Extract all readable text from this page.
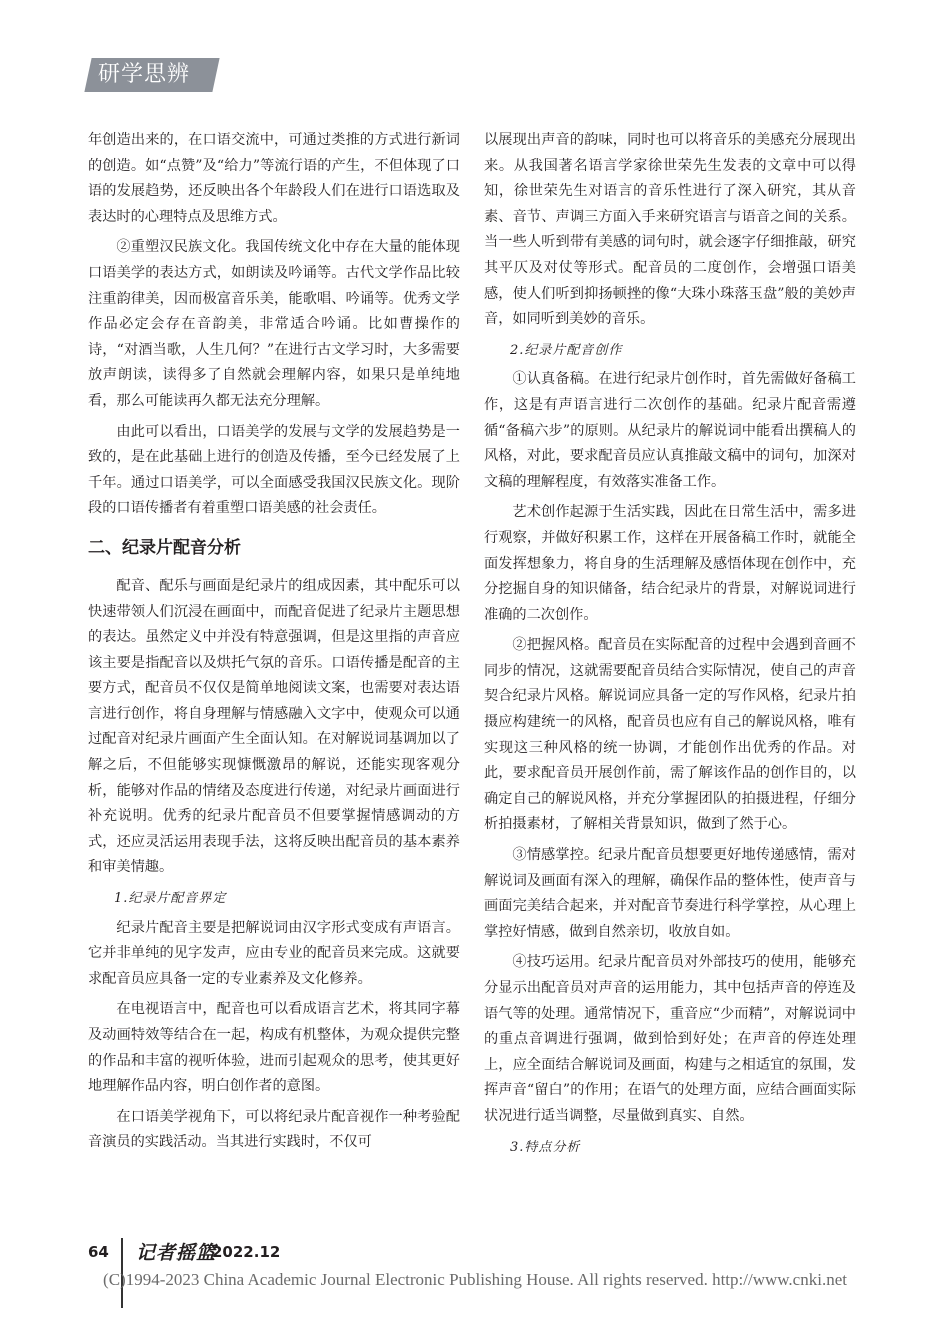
研学思辨

年创造出来的，在口语交流中，可通过类推的方式进行新词的创造。如“点赞”及“给力”等流行语的产生，不但体现了口语的发展趋势，还反映出各个年龄段人们在进行口语选取及表达时的心理特点及思维方式。

②重塑汉民族文化。我国传统文化中存在大量的能体现口语美学的表达方式，如朗读及吟诵等。古代文学作品比较注重韵律美，因而极富音乐美，能歌唱、吟诵等。优秀文学作品必定会存在音韵美，非常适合吟诵。比如曹操作的诗，“对酒当歌，人生几何？”在进行古文学习时，大多需要放声朗读，读得多了自然就会理解内容，如果只是单纯地看，那么可能读再久都无法充分理解。

由此可以看出，口语美学的发展与文学的发展趋势是一致的，是在此基础上进行的创造及传播，至今已经发展了上千年。通过口语美学，可以全面感受我国汉民族文化。现阶段的口语传播者有着重塑口语美感的社会责任。

二、纪录片配音分析

配音、配乐与画面是纪录片的组成因素，其中配乐可以快速带领人们沉浸在画面中，而配音促进了纪录片主题思想的表达。虽然定义中并没有特意强调，但是这里指的声音应该主要是指配音以及烘托气氛的音乐。口语传播是配音的主要方式，配音员不仅仅是简单地阅读文案，也需要对表达语言进行创作，将自身理解与情感融入文字中，使观众可以通过配音对纪录片画面产生全面认知。在对解说词基调加以了解之后，不但能够实现慷慨激昂的解说，还能实现客观分析，能够对作品的情绪及态度进行传递，对纪录片画面进行补充说明。优秀的纪录片配音员不但要掌握情感调动的方式，还应灵活运用表现手法，这将反映出配音员的基本素养和审美情趣。

1.纪录片配音界定

纪录片配音主要是把解说词由汉字形式变成有声语言。它并非单纯的见字发声，应由专业的配音员来完成。这就要求配音员应具备一定的专业素养及文化修养。

在电视语言中，配音也可以看成语言艺术，将其同字幕及动画特效等结合在一起，构成有机整体，为观众提供完整的作品和丰富的视听体验，进而引起观众的思考，使其更好地理解作品内容，明白创作者的意图。

在口语美学视角下，可以将纪录片配音视作一种考验配音演员的实践活动。当其进行实践时，不仅可

以展现出声音的韵味，同时也可以将音乐的美感充分展现出来。从我国著名语言学家徐世荣先生发表的文章中可以得知，徐世荣先生对语言的音乐性进行了深入研究，其从音素、音节、声调三方面入手来研究语言与语音之间的关系。当一些人听到带有美感的词句时，就会逐字仔细推敲，研究其平仄及对仗等形式。配音员的二度创作，会增强口语美感，使人们听到抑扬顿挫的像“大珠小珠落玉盘”般的美妙声音，如同听到美妙的音乐。

2.纪录片配音创作

①认真备稿。在进行纪录片创作时，首先需做好备稿工作，这是有声语言进行二次创作的基础。纪录片配音需遵循“备稿六步”的原则。从纪录片的解说词中能看出撰稿人的风格，对此，要求配音员应认真推敲文稿中的词句，加深对文稿的理解程度，有效落实准备工作。

艺术创作起源于生活实践，因此在日常生活中，需多进行观察，并做好积累工作，这样在开展备稿工作时，就能全面发挥想象力，将自身的生活理解及感悟体现在创作中，充分挖掘自身的知识储备，结合纪录片的背景，对解说词进行准确的二次创作。

②把握风格。配音员在实际配音的过程中会遇到音画不同步的情况，这就需要配音员结合实际情况，使自己的声音契合纪录片风格。解说词应具备一定的写作风格，纪录片拍摄应构建统一的风格，配音员也应有自己的解说风格，唯有实现这三种风格的统一协调，才能创作出优秀的作品。对此，要求配音员开展创作前，需了解该作品的创作目的，以确定自己的解说风格，并充分掌握团队的拍摄进程，仔细分析拍摄素材，了解相关背景知识，做到了然于心。

③情感掌控。纪录片配音员想要更好地传递感情，需对解说词及画面有深入的理解，确保作品的整体性，使声音与画面完美结合起来，并对配音节奏进行科学掌控，从心理上掌控好情感，做到自然亲切，收放自如。

④技巧运用。纪录片配音员对外部技巧的使用，能够充分显示出配音员对声音的运用能力，其中包括声音的停连及语气等的处理。通常情况下，重音应“少而精”，对解说词中的重点音调进行强调，做到恰到好处；在声音的停连处理上，应全面结合解说词及画面，构建与之相适宜的氛围，发挥声音“留白”的作用；在语气的处理方面，应结合画面实际状况进行适当调整，尽量做到真实、自然。

3.特点分析

64 记者摇篮
2022.12
(C)1994-2023 China Academic Journal Electronic Publishing House. All rights reserved. http://www.cnki.net
